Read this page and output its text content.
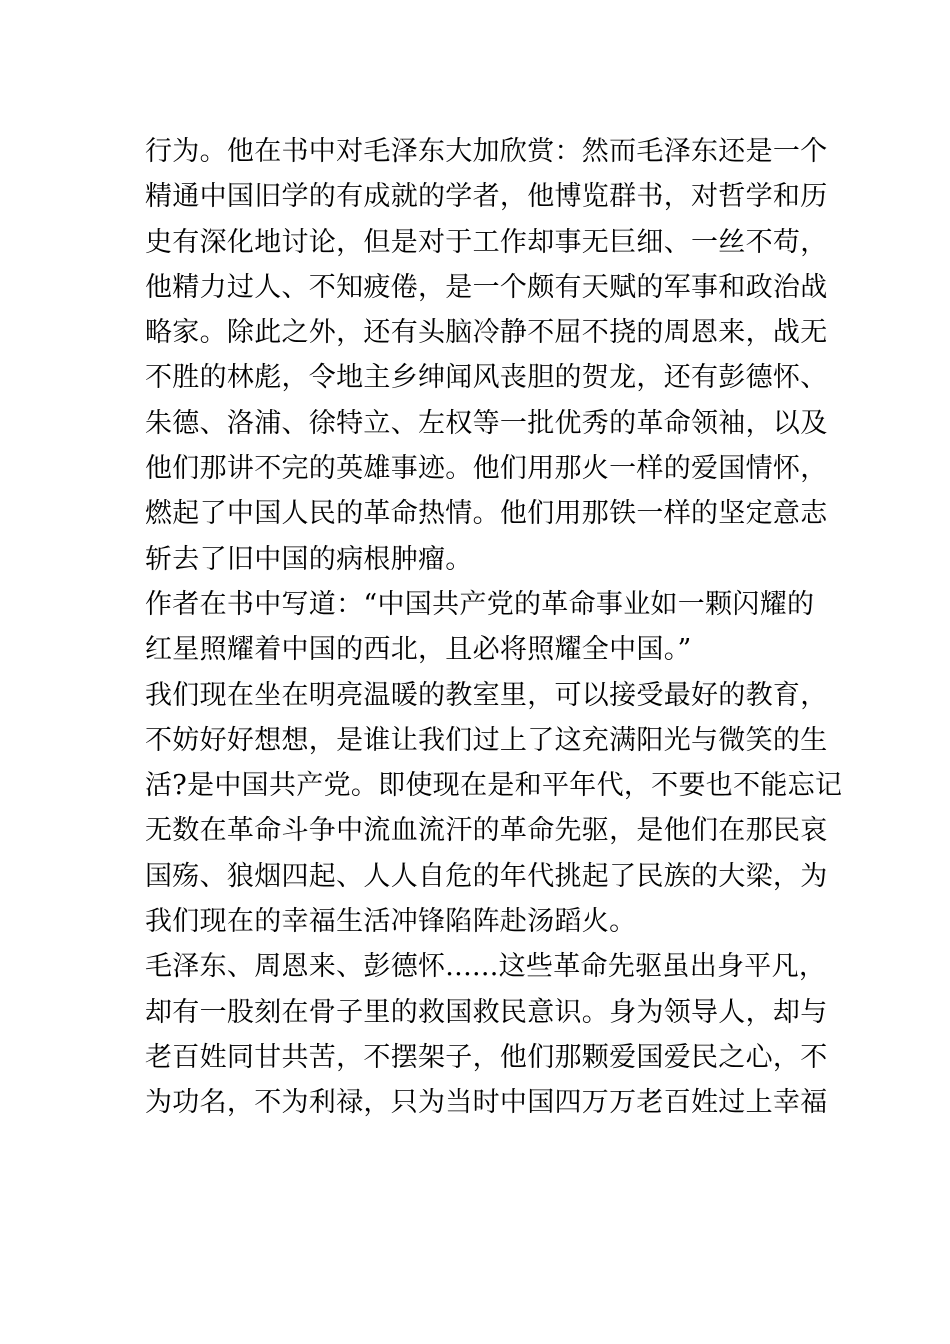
行为。他在书中对毛泽东大加欣赏：然而毛泽东还是一个
精通中国旧学的有成就的学者，他博览群书，对哲学和历
史有深化地讨论，但是对于工作却事无巨细、一丝不苟，
他精力过人、不知疲倦，是一个颇有天赋的军事和政治战
略家。除此之外，还有头脑冷静不屈不挠的周恩来，战无
不胜的林彪，令地主乡绅闻风丧胆的贺龙，还有彭德怀、
朱德、洛浦、徐特立、左权等一批优秀的革命领袖，以及
他们那讲不完的英雄事迹。他们用那火一样的爱国情怀，
燃起了中国人民的革命热情。他们用那铁一样的坚定意志
斩去了旧中国的病根肿瘤。
作者在书中写道：“中国共产党的革命事业如一颗闪耀的
红星照耀着中国的西北，且必将照耀全中国。”
我们现在坐在明亮温暖的教室里，可以接受最好的教育，
不妨好好想想，是谁让我们过上了这充满阳光与微笑的生
活?是中国共产党。即使现在是和平年代，不要也不能忘记
无数在革命斗争中流血流汗的革命先驱，是他们在那民哀
国殇、狼烟四起、人人自危的年代挑起了民族的大梁，为
我们现在的幸福生活冲锋陷阵赴汤蹈火。
毛泽东、周恩来、彭德怀......这些革命先驱虽出身平凡，
却有一股刻在骨子里的救国救民意识。身为领导人，却与
老百姓同甘共苦，不摆架子，他们那颗爱国爱民之心，不
为功名，不为利禄，只为当时中国四万万老百姓过上幸福
